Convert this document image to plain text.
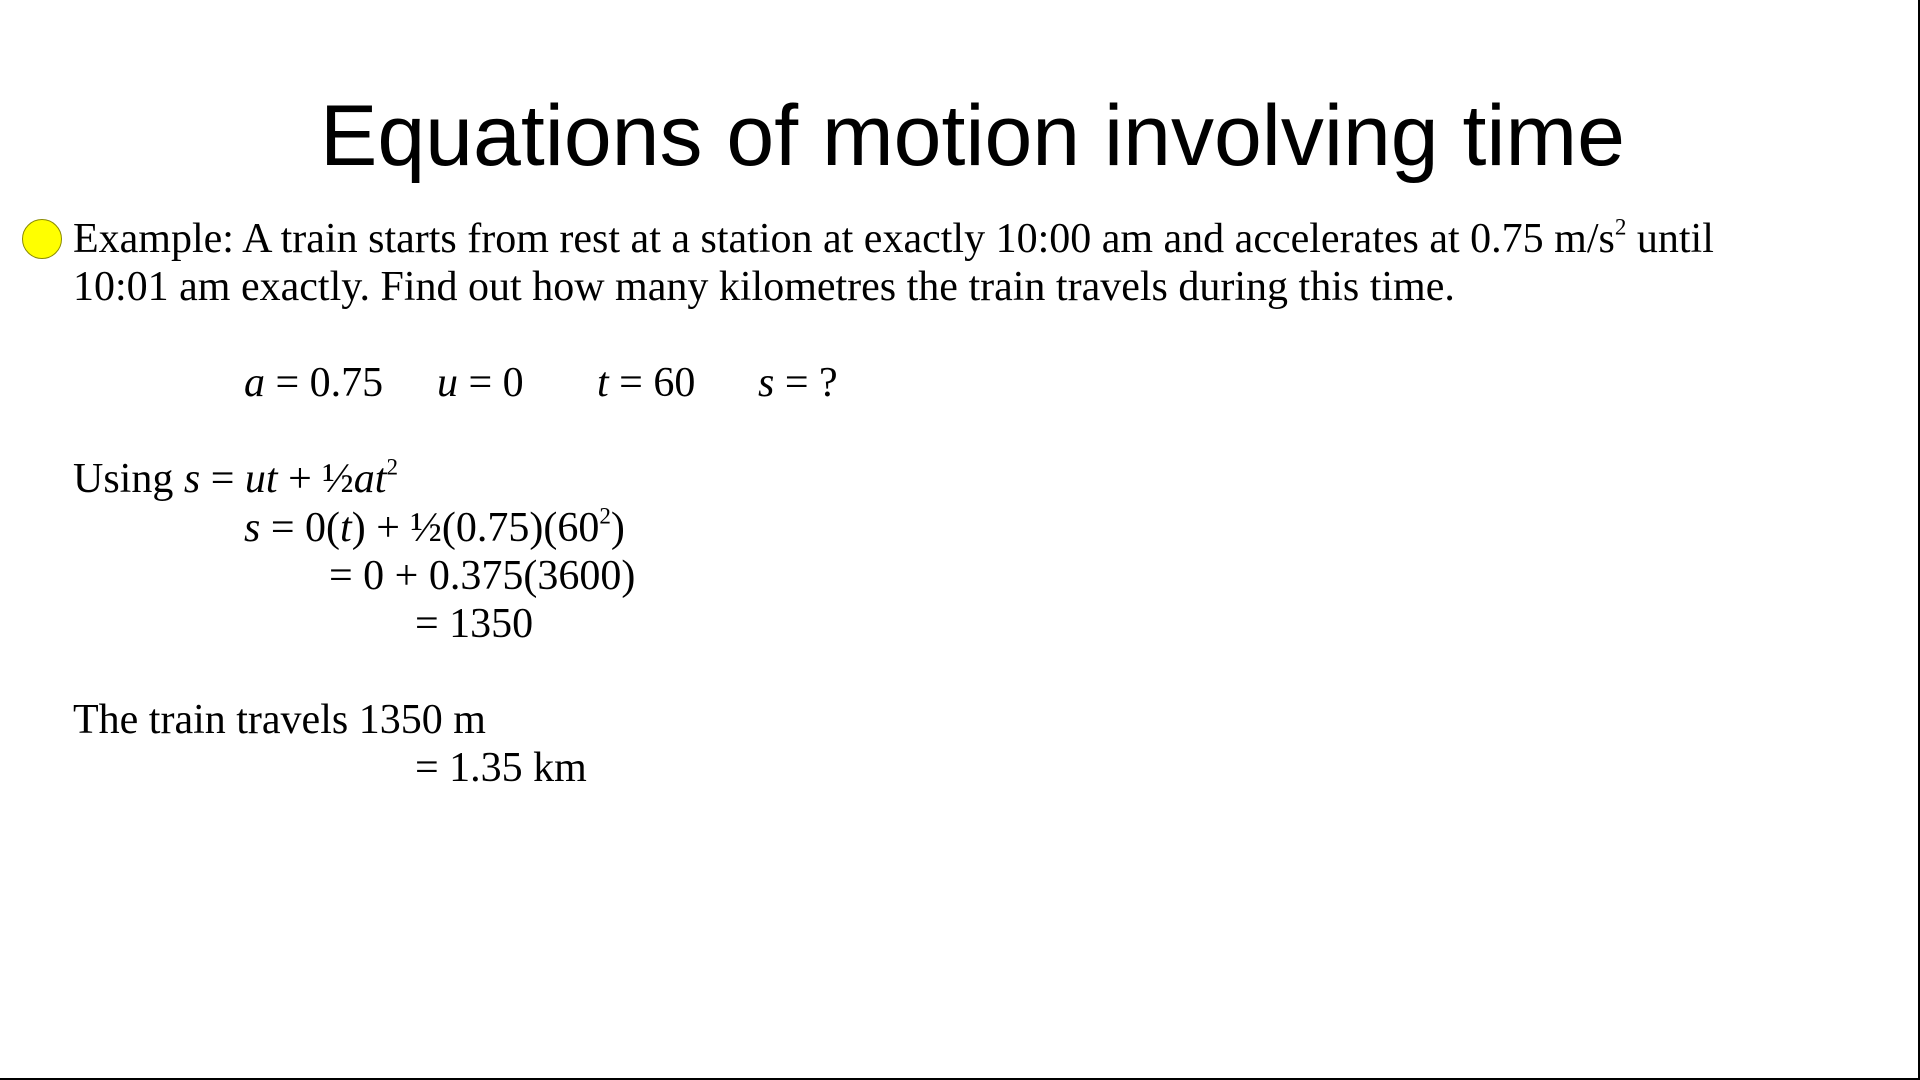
Equations of motion involving time
Example: A train starts from rest at a station at exactly 10:00 am and accelerates at 0.75 $m/s^2$ until
10:01 am exactly. Find out how many kilometres the train travels during this time.
a = 0.75 u = 0 t = 60 s = ?
Using s = ut + $\frac{1}{2}at^2$
$s = 0(t) + \frac{1}{2}(0.75)(60^2)$
= 0 + 0.375(3600)
= 1350
The train travels 1350 m
= 1.35 km
